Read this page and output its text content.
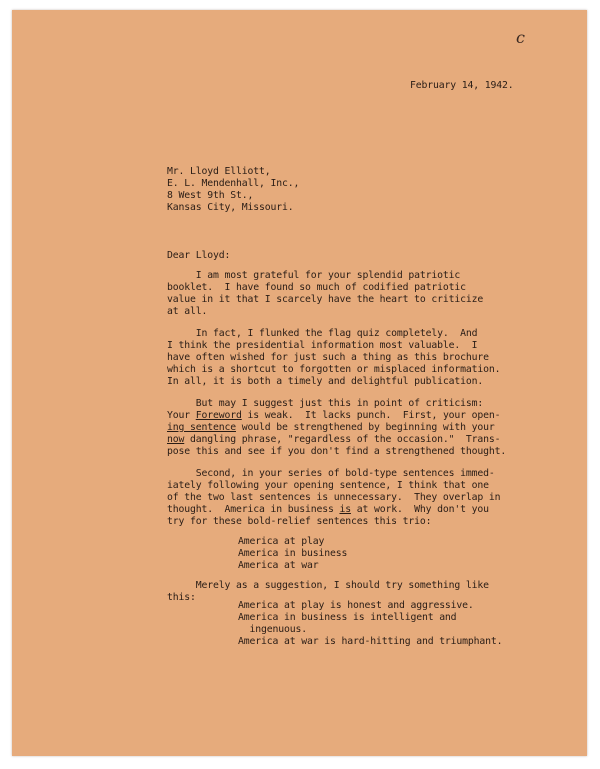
c
February 14, 1942.
Mr. Lloyd Elliott,
E. L. Mendenhall, Inc.,
8 West 9th St.,
Kansas City, Missouri.
Dear Lloyd:
I am most grateful for your splendid patriotic
booklet.  I have found so much of codified patriotic
value in it that I scarcely have the heart to criticize
at all.
In fact, I flunked the flag quiz completely.  And
I think the presidential information most valuable.  I
have often wished for just such a thing as this brochure
which is a shortcut to forgotten or misplaced information.
In all, it is both a timely and delightful publication.
But may I suggest just this in point of criticism:
Your Foreword is weak.  It lacks punch.  First, your open-
ing sentence would be strengthened by beginning with your
now dangling phrase, "regardless of the occasion."  Trans-
pose this and see if you don't find a strengthened thought.
Second, in your series of bold-type sentences immed-
iately following your opening sentence, I think that one
of the two last sentences is unnecessary.  They overlap in
thought.  America in business is at work.  Why don't you
try for these bold-relief sentences this trio:
America at play
America in business
America at war
Merely as a suggestion, I should try something like
this:
America at play is honest and aggressive.
America in business is intelligent and
ingenuous.
America at war is hard-hitting and triumphant.
